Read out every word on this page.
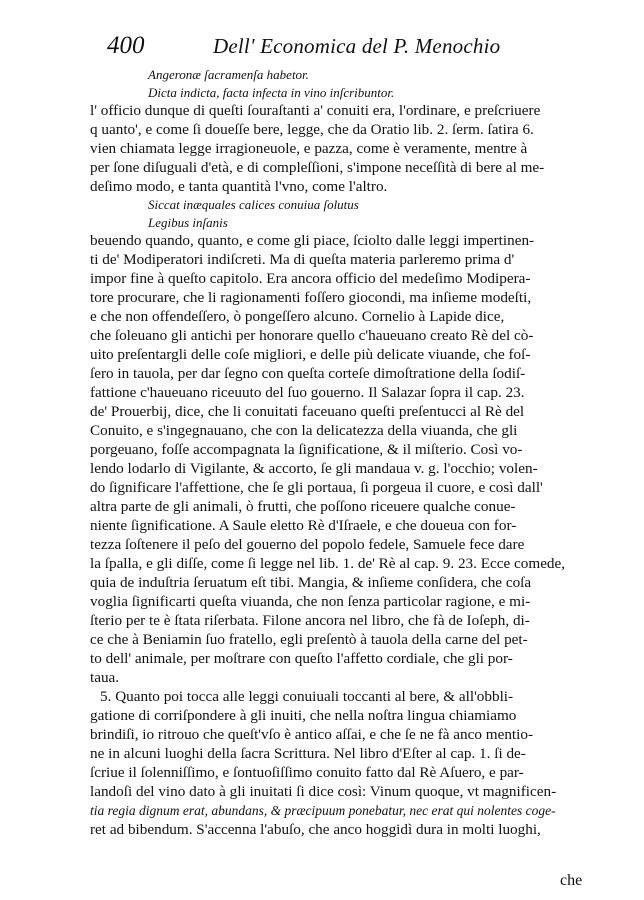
400	Dell' Economica del P. Menochio
Angeronæ ſacramenſa habetor.
Dicta indicta, facta infecta in vino inſcribuntor.
l' officio dunque di queſti ſouraſtanti a' conuiti era, l'ordinare, e preſcriuere
q uanto', e come ſi doueſſe bere, legge, che da Oratio lib. 2. ſerm. ſatira 6.
vien chiamata legge irragioneuole, e pazza, come è veramente, mentre à
per ſone diſuguali d'età, e di compleſſioni, s'impone neceſſità di bere al me-
deſimo modo, e tanta quantità l'vno, come l'altro.
Siccat inæquales calices conuiua ſolutus
Legibus inſanis
beuendo quando, quanto, e come gli piace, ſciolto dalle leggi impertinen-
ti de' Modiperatori indiſcreti. Ma di queſta materia parleremo prima d'
impor fine à queſto capitolo. Era ancora officio del medeſimo Modipera-
tore procurare, che li ragionamenti foſſero giocondi, ma inſieme modeſti,
e che non offendeſſero, ò pongeſſero alcuno. Cornelio à Lapide dice,
che ſoleuano gli antichi per honorare quello c'haueuano creato Rè del cò-
uito preſentargli delle coſe migliori, e delle più delicate viuande, che foſ-
ſero in tauola, per dar ſegno con queſta corteſe dimoſtratione della ſodiſ-
fattione c'haueuano riceuuto del ſuo gouerno. Il Salazar ſopra il cap. 23.
de' Prouerbij, dice, che li conuitati faceuano queſti preſentucci al Rè del
Conuito, e s'ingegnauano, che con la delicatezza della viuanda, che gli
porgeuano, foſſe accompagnata la ſignificatione, & il miſterio. Così vo-
lendo lodarlo di Vigilante, & accorto, ſe gli mandaua v. g. l'occhio; volen-
do ſignificare l'affettione, che ſe gli portaua, ſi porgeua il cuore, e così dall'
altra parte de gli animali, ò frutti, che poſſono riceuere qualche conue-
niente ſignificatione. A Saule eletto Rè d'Iſraele, e che doueua con for-
tezza ſoſtenere il peſo del gouerno del popolo fedele, Samuele fece dare
la ſpalla, e gli diſſe, come ſi legge nel lib. 1. de' Rè al cap. 9. 23. Ecce comede,
quia de induſtria ſeruatum eſt tibi. Mangia, & inſieme conſidera, che coſa
voglia ſignificarti queſta viuanda, che non ſenza particolar ragione, e mi-
ſterio per te è ſtata riſerbata. Filone ancora nel libro, che fà de Ioſeph, di-
ce che à Beniamin ſuo fratello, egli preſentò à tauola della carne del pet-
to dell' animale, per moſtrare con queſto l'affetto cordiale, che gli por-
taua.
5. Quanto poi tocca alle leggi conuiuali toccanti al bere, & all'obbli-
gatione di corriſpondere à gli inuiti, che nella noſtra lingua chiamiamo
brindiſi, io ritrouo che queſt'vſo è antico aſſai, e che ſe ne fà anco mentio-
ne in alcuni luoghi della ſacra Scrittura. Nel libro d'Eſter al cap. 1. ſi de-
ſcriue il ſolenniſſimo, e ſontuoſiſſimo conuito fatto dal Rè Aſuero, e par-
landoſi del vino dato à gli inuitati ſi dice così: Vinum quoque, vt magnificen-
tia regia dignum erat, abundans, & præcipuum ponebatur, nec erat qui nolentes coge-
ret ad bibendum. S'accenna l'abuſo, che anco hoggidì dura in molti luoghi,
che
